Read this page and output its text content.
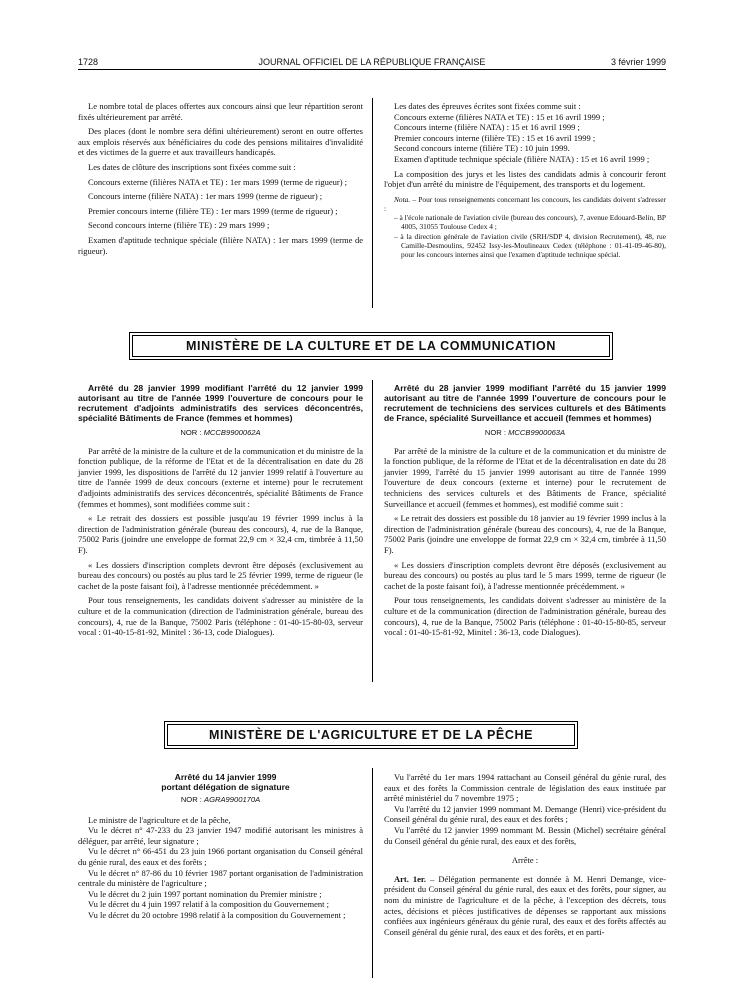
1728	JOURNAL OFFICIEL DE LA RÉPUBLIQUE FRANÇAISE	3 février 1999

Le nombre total de places offertes aux concours ainsi que leur répartition seront fixés ultérieurement par arrêté.

Des places (dont le nombre sera défini ultérieurement) seront en outre offertes aux emplois réservés aux bénéficiaires du code des pensions militaires d'invalidité et des victimes de la guerre et aux travailleurs handicapés.

Les dates de clôture des inscriptions sont fixées comme suit :

Concours externe (filières NATA et TE) : 1er mars 1999 (terme de rigueur) ;

Concours interne (filière NATA) : 1er mars 1999 (terme de rigueur) ;

Premier concours interne (filière TE) : 1er mars 1999 (terme de rigueur) ;

Second concours interne (filière TE) : 29 mars 1999 ;

Examen d'aptitude technique spéciale (filière NATA) : 1er mars 1999 (terme de rigueur).

Les dates des épreuves écrites sont fixées comme suit :

Concours externe (filières NATA et TE) : 15 et 16 avril 1999 ;

Concours interne (filière NATA) : 15 et 16 avril 1999 ;

Premier concours interne (filière TE) : 15 et 16 avril 1999 ;

Second concours interne (filière TE) : 10 juin 1999.

Examen d'aptitude technique spéciale (filière NATA) : 15 et 16 avril 1999 ;

La composition des jurys et les listes des candidats admis à concourir feront l'objet d'un arrêté du ministre de l'équipement, des transports et du logement.

Nota. – Pour tous renseignements concernant les concours, les candidats doivent s'adresser :

– à l'école nationale de l'aviation civile (bureau des concours), 7, avenue Edouard-Belin, BP 4005, 31055 Toulouse Cedex 4 ;

– à la direction générale de l'aviation civile (SRH/SDP 4, division Recrutement), 48, rue Camille-Desmoulins, 92452 Issy-les-Moulineaux Cedex (téléphone : 01-41-09-46-80), pour les concours internes ainsi que l'examen d'aptitude technique spécial.

MINISTÈRE DE LA CULTURE ET DE LA COMMUNICATION

Arrêté du 28 janvier 1999 modifiant l'arrêté du 12 janvier 1999 autorisant au titre de l'année 1999 l'ouverture de concours pour le recrutement d'adjoints administratifs des services déconcentrés, spécialité Bâtiments de France (femmes et hommes)

NOR : MCCB9900062A

Par arrêté de la ministre de la culture et de la communication et du ministre de la fonction publique, de la réforme de l'Etat et de la décentralisation en date du 28 janvier 1999, les dispositions de l'arrêté du 12 janvier 1999 relatif à l'ouverture au titre de l'année 1999 de deux concours (externe et interne) pour le recrutement d'adjoints administratifs des services déconcentrés, spécialité Bâtiments de France (femmes et hommes), sont modifiées comme suit :

« Le retrait des dossiers est possible jusqu'au 19 février 1999 inclus à la direction de l'administration générale (bureau des concours), 4, rue de la Banque, 75002 Paris (joindre une enveloppe de format 22,9 cm × 32,4 cm, timbrée à 11,50 F).

« Les dossiers d'inscription complets devront être déposés (exclusivement au bureau des concours) ou postés au plus tard le 25 février 1999, terme de rigueur (le cachet de la poste faisant foi), à l'adresse mentionnée précédemment. »

Pour tous renseignements, les candidats doivent s'adresser au ministère de la culture et de la communication (direction de l'administration générale, bureau des concours), 4, rue de la Banque, 75002 Paris (téléphone : 01-40-15-80-03, serveur vocal : 01-40-15-81-92, Minitel : 36-13, code Dialogues).

Arrêté du 28 janvier 1999 modifiant l'arrêté du 15 janvier 1999 autorisant au titre de l'année 1999 l'ouverture de concours pour le recrutement de techniciens des services culturels et des Bâtiments de France, spécialité Surveillance et accueil (femmes et hommes)

NOR : MCCB9900063A

Par arrêté de la ministre de la culture et de la communication et du ministre de la fonction publique, de la réforme de l'Etat et de la décentralisation en date du 28 janvier 1999, l'arrêté du 15 janvier 1999 autorisant au titre de l'année 1999 l'ouverture de deux concours (externe et interne) pour le recrutement de techniciens des services culturels et des Bâtiments de France, spécialité Surveillance et accueil (femmes et hommes), est modifié comme suit :

« Le retrait des dossiers est possible du 18 janvier au 19 février 1999 inclus à la direction de l'administration générale (bureau des concours), 4, rue de la Banque, 75002 Paris (joindre une enveloppe de format 22,9 cm × 32,4 cm, timbrée à 11,50 F).

« Les dossiers d'inscription complets devront être déposés (exclusivement au bureau des concours) ou postés au plus tard le 5 mars 1999, terme de rigueur (le cachet de la poste faisant foi), à l'adresse mentionnée précédemment. »

Pour tous renseignements, les candidats doivent s'adresser au ministère de la culture et de la communication (direction de l'administration générale, bureau des concours), 4, rue de la Banque, 75002 Paris (téléphone : 01-40-15-80-85, serveur vocal : 01-40-15-81-92, Minitel : 36-13, code Dialogues).

MINISTÈRE DE L'AGRICULTURE ET DE LA PÊCHE

Arrêté du 14 janvier 1999

portant délégation de signature

NOR : AGRA9900170A

Le ministre de l'agriculture et de la pêche,

Vu le décret n° 47-233 du 23 janvier 1947 modifié autorisant les ministres à déléguer, par arrêté, leur signature ;

Vu le décret n° 66-451 du 23 juin 1966 portant organisation du Conseil général du génie rural, des eaux et des forêts ;

Vu le décret n° 87-86 du 10 février 1987 portant organisation de l'administration centrale du ministère de l'agriculture ;

Vu le décret du 2 juin 1997 portant nomination du Premier ministre ;

Vu le décret du 4 juin 1997 relatif à la composition du Gouvernement ;

Vu le décret du 20 octobre 1998 relatif à la composition du Gouvernement ;

Vu l'arrêté du 1er mars 1994 rattachant au Conseil général du génie rural, des eaux et des forêts la Commission centrale de législation des eaux instituée par arrêté ministériel du 7 novembre 1975 ;

Vu l'arrêté du 12 janvier 1999 nommant M. Demange (Henri) vice-président du Conseil général du génie rural, des eaux et des forêts ;

Vu l'arrêté du 12 janvier 1999 nommant M. Bessin (Michel) secrétaire général du Conseil général du génie rural, des eaux et des forêts,

Arrête :

Art. 1er. – Délégation permanente est donnée à M. Henri Demange, vice-président du Conseil général du génie rural, des eaux et des forêts, pour signer, au nom du ministre de l'agriculture et de la pêche, à l'exception des décrets, tous actes, décisions et pièces justificatives de dépenses se rapportant aux missions confiées aux ingénieurs généraux du génie rural, des eaux et des forêts affectés au Conseil général du génie rural, des eaux et des forêts, et en parti-
